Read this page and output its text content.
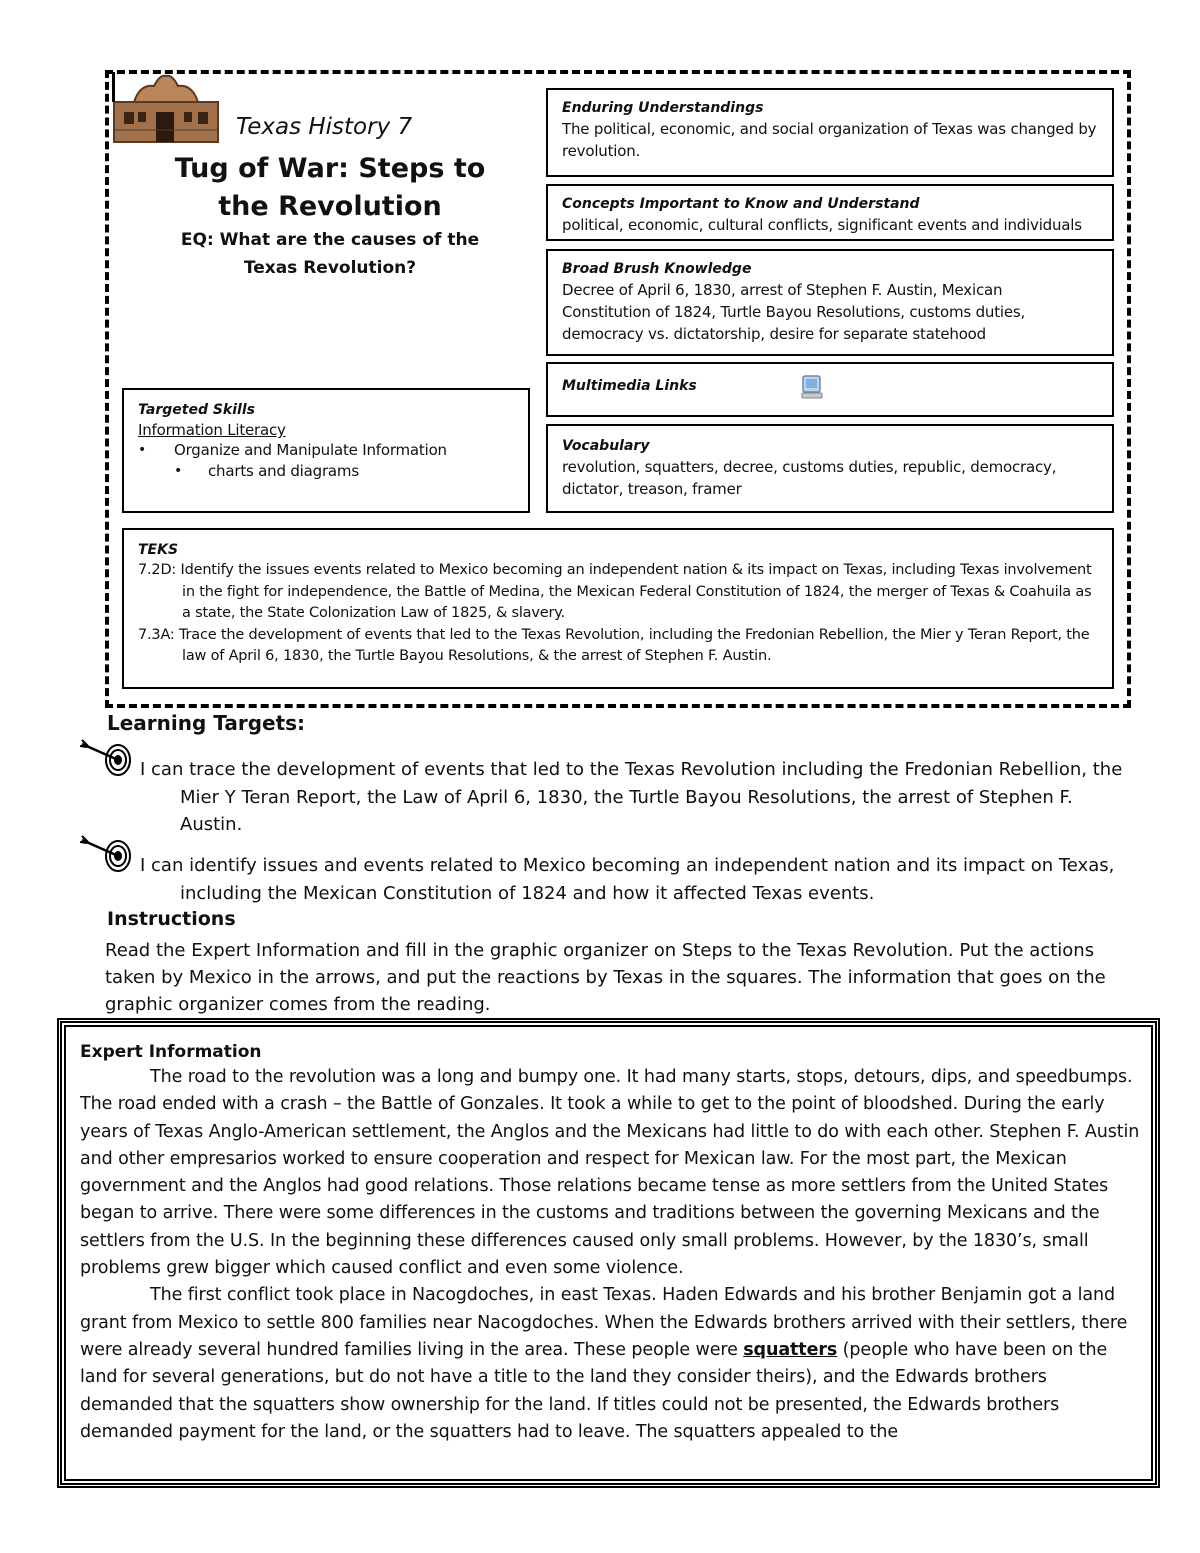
Texas History 7
Tug of War: Steps to the Revolution
EQ: What are the causes of the Texas Revolution?
Enduring Understandings
The political, economic, and social organization of Texas was changed by revolution.
Concepts Important to Know and Understand
political, economic, cultural conflicts, significant events and individuals
Broad Brush Knowledge
Decree of April 6, 1830, arrest of Stephen F. Austin, Mexican Constitution of 1824, Turtle Bayou Resolutions, customs duties, democracy vs. dictatorship, desire for separate statehood
Multimedia Links
Vocabulary
revolution, squatters, decree, customs duties, republic, democracy, dictator, treason, framer
Targeted Skills
Information Literacy
• Organize and Manipulate Information
• charts and diagrams
TEKS
7.2D: Identify the issues events related to Mexico becoming an independent nation & its impact on Texas, including Texas involvement in the fight for independence, the Battle of Medina, the Mexican Federal Constitution of 1824, the merger of Texas & Coahuila as a state, the State Colonization Law of 1825, & slavery.
7.3A: Trace the development of events that led to the Texas Revolution, including the Fredonian Rebellion, the Mier y Teran Report, the law of April 6, 1830, the Turtle Bayou Resolutions, & the arrest of Stephen F. Austin.
Learning Targets:
I can trace the development of events that led to the Texas Revolution including the Fredonian Rebellion, the Mier Y Teran Report, the Law of April 6, 1830, the Turtle Bayou Resolutions, the arrest of Stephen F. Austin.
I can identify issues and events related to Mexico becoming an independent nation and its impact on Texas, including the Mexican Constitution of 1824 and how it affected Texas events.
Instructions
Read the Expert Information and fill in the graphic organizer on Steps to the Texas Revolution. Put the actions taken by Mexico in the arrows, and put the reactions by Texas in the squares. The information that goes on the graphic organizer comes from the reading.
Expert Information

The road to the revolution was a long and bumpy one. It had many starts, stops, detours, dips, and speedbumps. The road ended with a crash – the Battle of Gonzales. It took a while to get to the point of bloodshed. During the early years of Texas Anglo-American settlement, the Anglos and the Mexicans had little to do with each other. Stephen F. Austin and other empresarios worked to ensure cooperation and respect for Mexican law. For the most part, the Mexican government and the Anglos had good relations. Those relations became tense as more settlers from the United States began to arrive. There were some differences in the customs and traditions between the governing Mexicans and the settlers from the U.S. In the beginning these differences caused only small problems. However, by the 1830’s, small problems grew bigger which caused conflict and even some violence.

The first conflict took place in Nacogdoches, in east Texas. Haden Edwards and his brother Benjamin got a land grant from Mexico to settle 800 families near Nacogdoches. When the Edwards brothers arrived with their settlers, there were already several hundred families living in the area. These people were squatters (people who have been on the land for several generations, but do not have a title to the land they consider theirs), and the Edwards brothers demanded that the squatters show ownership for the land. If titles could not be presented, the Edwards brothers demanded payment for the land, or the squatters had to leave. The squatters appealed to the
